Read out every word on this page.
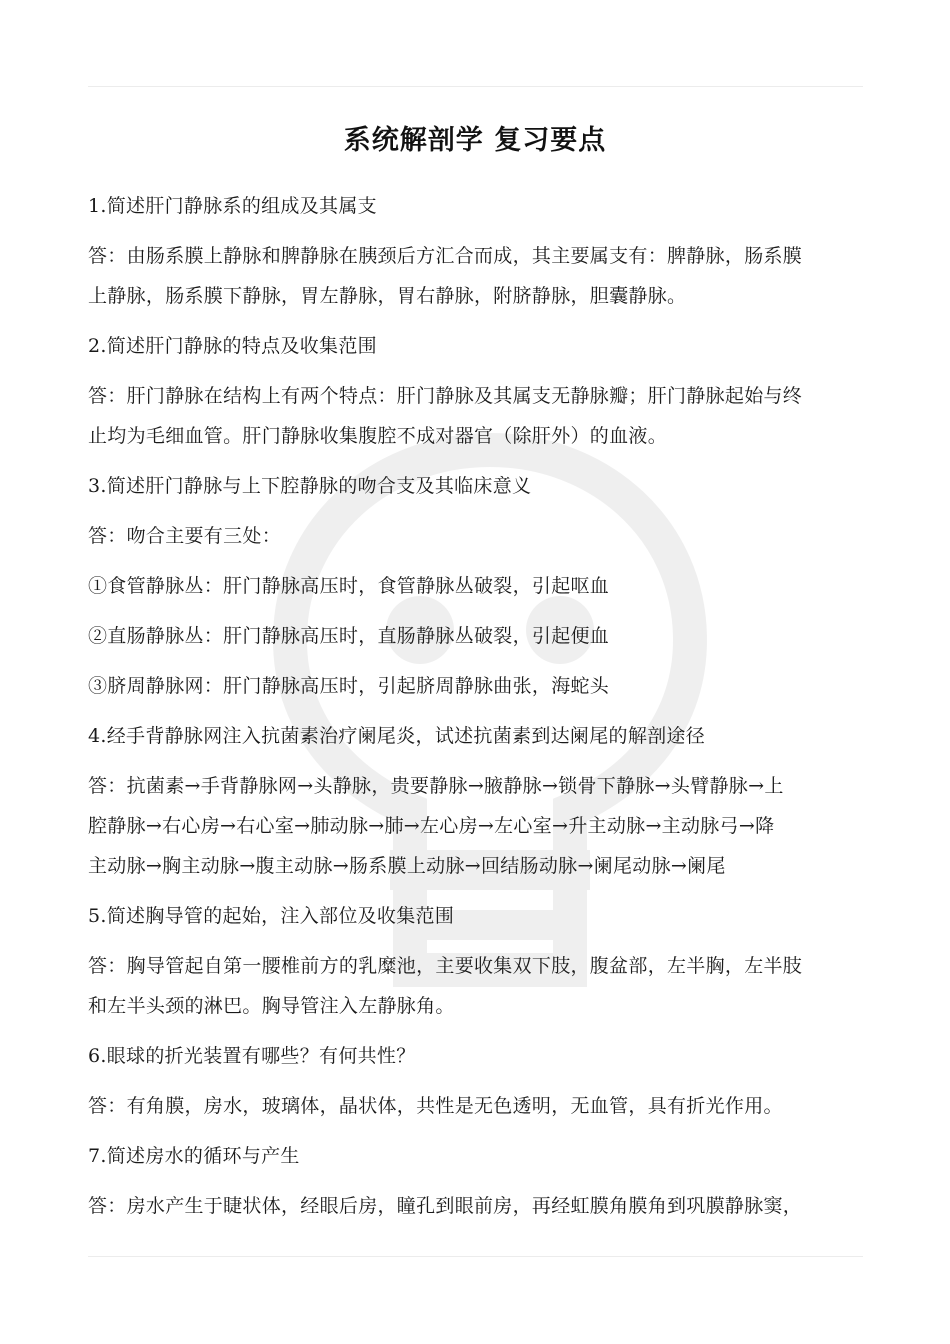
系统解剖学 复习要点
1.简述肝门静脉系的组成及其属支
答：由肠系膜上静脉和脾静脉在胰颈后方汇合而成，其主要属支有：脾静脉，肠系膜
上静脉，肠系膜下静脉，胃左静脉，胃右静脉，附脐静脉，胆囊静脉。
2.简述肝门静脉的特点及收集范围
答：肝门静脉在结构上有两个特点：肝门静脉及其属支无静脉瓣；肝门静脉起始与终
止均为毛细血管。肝门静脉收集腹腔不成对器官（除肝外）的血液。
3.简述肝门静脉与上下腔静脉的吻合支及其临床意义
答：吻合主要有三处：
①食管静脉丛：肝门静脉高压时，食管静脉丛破裂，引起呕血
②直肠静脉丛：肝门静脉高压时，直肠静脉丛破裂，引起便血
③脐周静脉网：肝门静脉高压时，引起脐周静脉曲张，海蛇头
4.经手背静脉网注入抗菌素治疗阑尾炎，试述抗菌素到达阑尾的解剖途径
答：抗菌素→手背静脉网→头静脉，贵要静脉→腋静脉→锁骨下静脉→头臂静脉→上
腔静脉→右心房→右心室→肺动脉→肺→左心房→左心室→升主动脉→主动脉弓→降
主动脉→胸主动脉→腹主动脉→肠系膜上动脉→回结肠动脉→阑尾动脉→阑尾
5.简述胸导管的起始，注入部位及收集范围
答：胸导管起自第一腰椎前方的乳糜池，主要收集双下肢，腹盆部，左半胸，左半肢
和左半头颈的淋巴。胸导管注入左静脉角。
6.眼球的折光装置有哪些？有何共性？
答：有角膜，房水，玻璃体，晶状体，共性是无色透明，无血管，具有折光作用。
7.简述房水的循环与产生
答：房水产生于睫状体，经眼后房，瞳孔到眼前房，再经虹膜角膜角到巩膜静脉窦，
